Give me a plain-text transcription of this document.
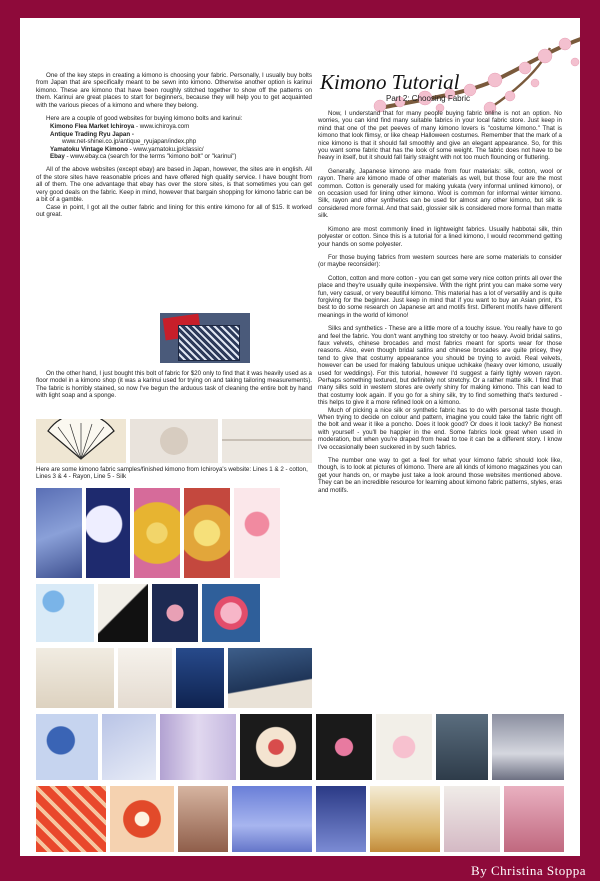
Kimono Tutorial
Part 2: Choosing Fabric

One of the key steps in creating a kimono is choosing your fabric. Personally, I usually buy bolts from Japan that are specifically meant to be sewn into kimono. Otherwise another option is karinui kimono. These are kimono that have been roughly stitched together to show off the patterns on them. Karinui are great places to start for beginners, because they will help you to get acquainted with the various pieces of a kimono and where they belong.

Here are a couple of good websites for buying kimono bolts and karinui:

Kimono Flea Market Ichiroya - www.ichiroya.com
Antique Trading Ryu Japan -
www.net-shinei.co.jp/antique_ryujapan/index.php
Yamatoku Vintage Kimono - www.yamatoku.jp/classic/
Ebay - www.ebay.ca (search for the terms "kimono bolt" or "karinui")

All of the above websites (except ebay) are based in Japan, however, the sites are in english. All of the store sites have reasonable prices and have offered high quality service. I have bought from all of them. The one advantage that ebay has over the store sites, is that sometimes you can get very good deals on the fabric. Keep in mind, however that bargain shopping for kimono fabric can be a bit of a gamble.

Case in point, I got all the outter fabric and lining for this entire kimono for all of $15. It worked out great.

On the other hand, I just bought this bolt of fabric for $20 only to find that it was heavily used as a floor model in a kimono shop (it was a karinui used for trying on and taking tailoring measurements). The fabric is horribly stained, so now I've begun the arduous task of cleaning the entire bolt by hand with light soap and a sponge.

Here are some kimono fabric samples/finished kimono from Ichiroya's website: Lines 1 & 2 - cotton, Lines 3 & 4 - Rayon, Line 5 - Silk

Now, I understand that for many people buying fabric online is not an option. No worries, you can kind find many suitable fabrics in your local fabric store. Just keep in mind that one of the pet peeves of many kimono lovers is "costume kimono." That is kimono that look flimsy, or like cheap Halloween costumes. Remember that the mark of a nice kimono is that it should fall smoothly and give an elegant appearance. So, for this you want some fabric that has the look of some weight. The fabric does not have to be heavy in itself, but it should fall fairly straight with not too much flouncing or fluttering.

Generally, Japanese kimono are made from four materials: silk, cotton, wool or rayon. There are kimono made of other materials as well, but those four are the most common. Cotton is generally used for making yukata (very informal unlined kimono), or on occasion used for lining other kimono. Wool is common for informal winter kimono. Silk, rayon and other synthetics can be used for almost any other kimono, but silk is considered more formal. And that said, glossier silk is considered more formal than matte silk.

Kimono are most commonly lined in lightweight fabrics. Usually habbotai silk, thin polyester or cotton. Since this is a tutorial for a lined kimono, I would recommend getting your hands on some polyester.

For those buying fabrics from western sources here are some materials to consider (or maybe reconsider):

Cotton, cotton and more cotton - you can get some very nice cotton prints all over the place and they're usually quite inexpensive. With the right print you can make some very fun, very casual, or very beautiful kimono. This material has a lot of versatiliy and is quite forgiving for the beginner. Just keep in mind that if you want to buy an Asian print, it's best to do some research on Japanese art and motifs first. Different motifs have different meanings in the world of kimono!

Silks and synthetics - These are a little more of a touchy issue. You really have to go and feel the fabric. You don't want anything too stretchy or too heavy. Avoid bridal satins, faux velvets, chinese brocades and most fabrics meant for sports wear for those reasons. Also, even though bridal satins and chinese brocades are quite pricey, they tend to give that costumy appearance you should be trying to avoid. Real velvets, however can be used for making fabulous unique uchikake (heavy over kimono, usually used for weddings). For this tutorial, however I'd suggest a fairly tighly woven rayon. Perhaps something textured, but definitely not stretchy. Or a rather matte silk. I find that many silks sold in western stores are overly shiny for making kimono. This can lead to that costumy look again. If you go for a shiny silk, try to find something that's textured - this helps to give it a more refined look on a kimono.

Much of picking a nice silk or synthetic fabric has to do with personal taste though. When trying to decide on colour and pattern, imagine you could take the fabric right off the bolt and wear it like a poncho. Does it look good? Or does it look tacky? Be honest with yourself - you'll be happier in the end. Some fabrics look great when used in moderation, but when you're draped from head to toe it can be a different story. I know I've occasionally been suckered in by such fabrics.

The number one way to get a feel for what your kimono fabric should look like, though, is to look at pictures of kimono. There are all kinds of kimono magazines you can get your hands on, or maybe just take a look around those websites mentioned above. They can be an incredible resource for learning about kimono fabric patterns, styles, eras and motifs.

By Christina Stoppa
